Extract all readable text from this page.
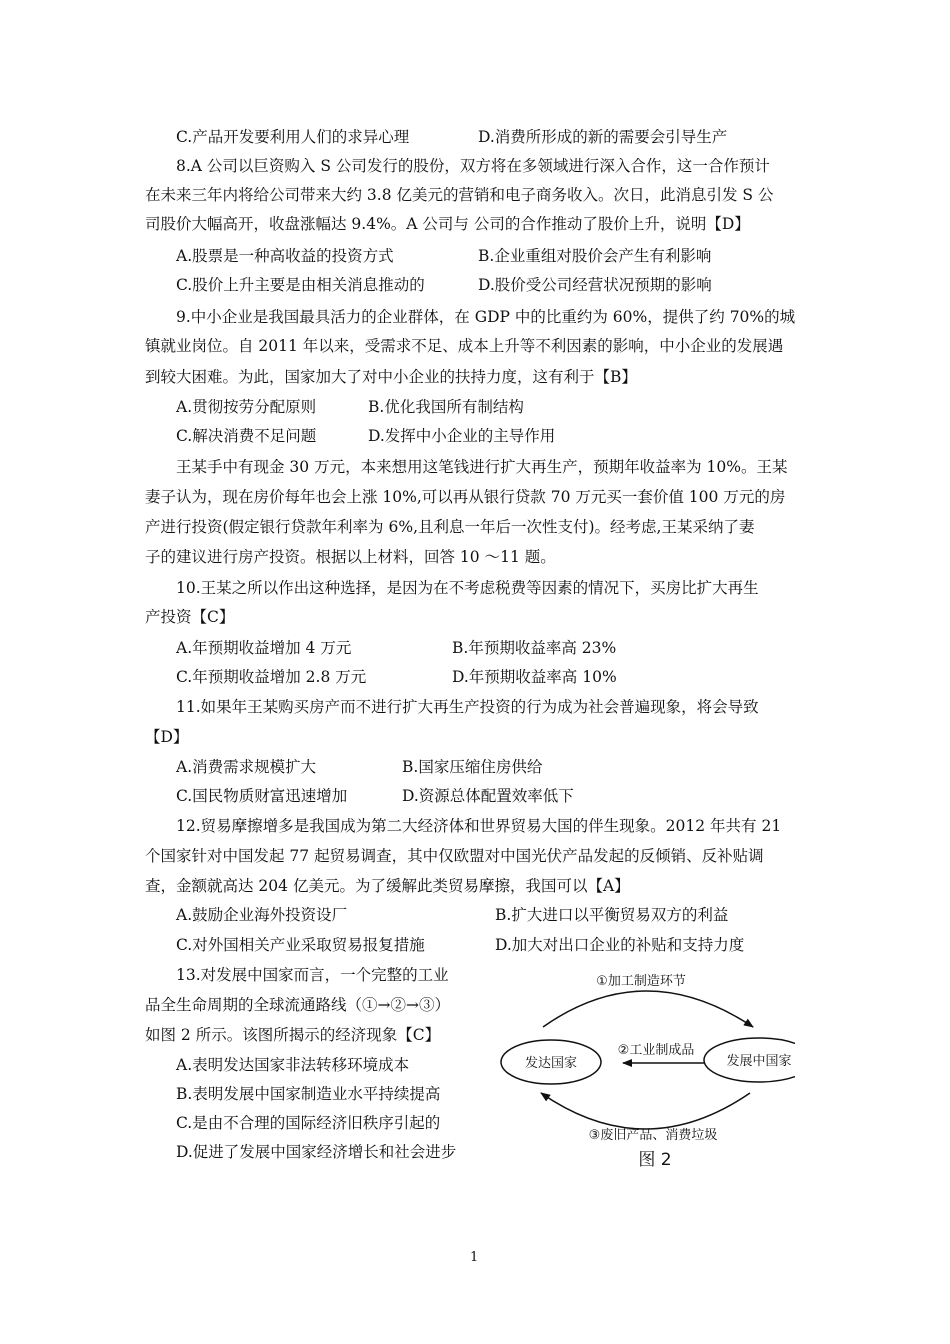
C.产品开发要利用人们的求异心理	D.消费所形成的新的需要会引导生产
8.A 公司以巨资购入 S 公司发行的股份，双方将在多领域进行深入合作，这一合作预计
在未来三年内将给公司带来大约 3.8 亿美元的营销和电子商务收入。次日，此消息引发 S 公
司股价大幅高开，收盘涨幅达 9.4%。A 公司与 公司的合作推动了股价上升，说明【D】
A.股票是一种高收益的投资方式	B.企业重组对股价会产生有利影响
C.股价上升主要是由相关消息推动的	D.股价受公司经营状况预期的影响
9.中小企业是我国最具活力的企业群体，在 GDP 中的比重约为 60%，提供了约 70%的城
镇就业岗位。自 2011 年以来，受需求不足、成本上升等不利因素的影响，中小企业的发展遇
到较大困难。为此，国家加大了对中小企业的扶持力度，这有利于【B】
A.贯彻按劳分配原则	B.优化我国所有制结构
C.解决消费不足问题	D.发挥中小企业的主导作用
王某手中有现金 30 万元，本来想用这笔钱进行扩大再生产，预期年收益率为 10%。王某
妻子认为，现在房价每年也会上涨 10%,可以再从银行贷款 70 万元买一套价值 100 万元的房
产进行投资(假定银行贷款年利率为 6%,且利息一年后一次性支付)。经考虑,王某采纳了妻
子的建议进行房产投资。根据以上材料，回答 10 ～11 题。
10.王某之所以作出这种选择，是因为在不考虑税费等因素的情况下，买房比扩大再生
产投资【C】
A.年预期收益增加 4 万元	B.年预期收益率高 23%
C.年预期收益增加 2.8 万元	D.年预期收益率高 10%
11.如果年王某购买房产而不进行扩大再生产投资的行为成为社会普遍现象，将会导致
【D】
A.消费需求规模扩大	B.国家压缩住房供给
C.国民物质财富迅速增加	D.资源总体配置效率低下
12.贸易摩擦增多是我国成为第二大经济体和世界贸易大国的伴生现象。2012 年共有 21
个国家针对中国发起 77 起贸易调查，其中仅欧盟对中国光伏产品发起的反倾销、反补贴调
查，金额就高达 204 亿美元。为了缓解此类贸易摩擦，我国可以【A】
A.鼓励企业海外投资设厂	B.扩大进口以平衡贸易双方的利益
C.对外国相关产业采取贸易报复措施	D.加大对出口企业的补贴和支持力度
13.对发展中国家而言，一个完整的工业
品全生命周期的全球流通路线（①→②→③）
如图 2 所示。该图所揭示的经济现象【C】
A.表明发达国家非法转移环境成本
B.表明发展中国家制造业水平持续提高
C.是由不合理的国际经济旧秩序引起的
D.促进了发展中国家经济增长和社会进步
①加工制造环节
②工业制成品
发达国家	发展中国家
③废旧产品、消费垃圾
图 2
1
